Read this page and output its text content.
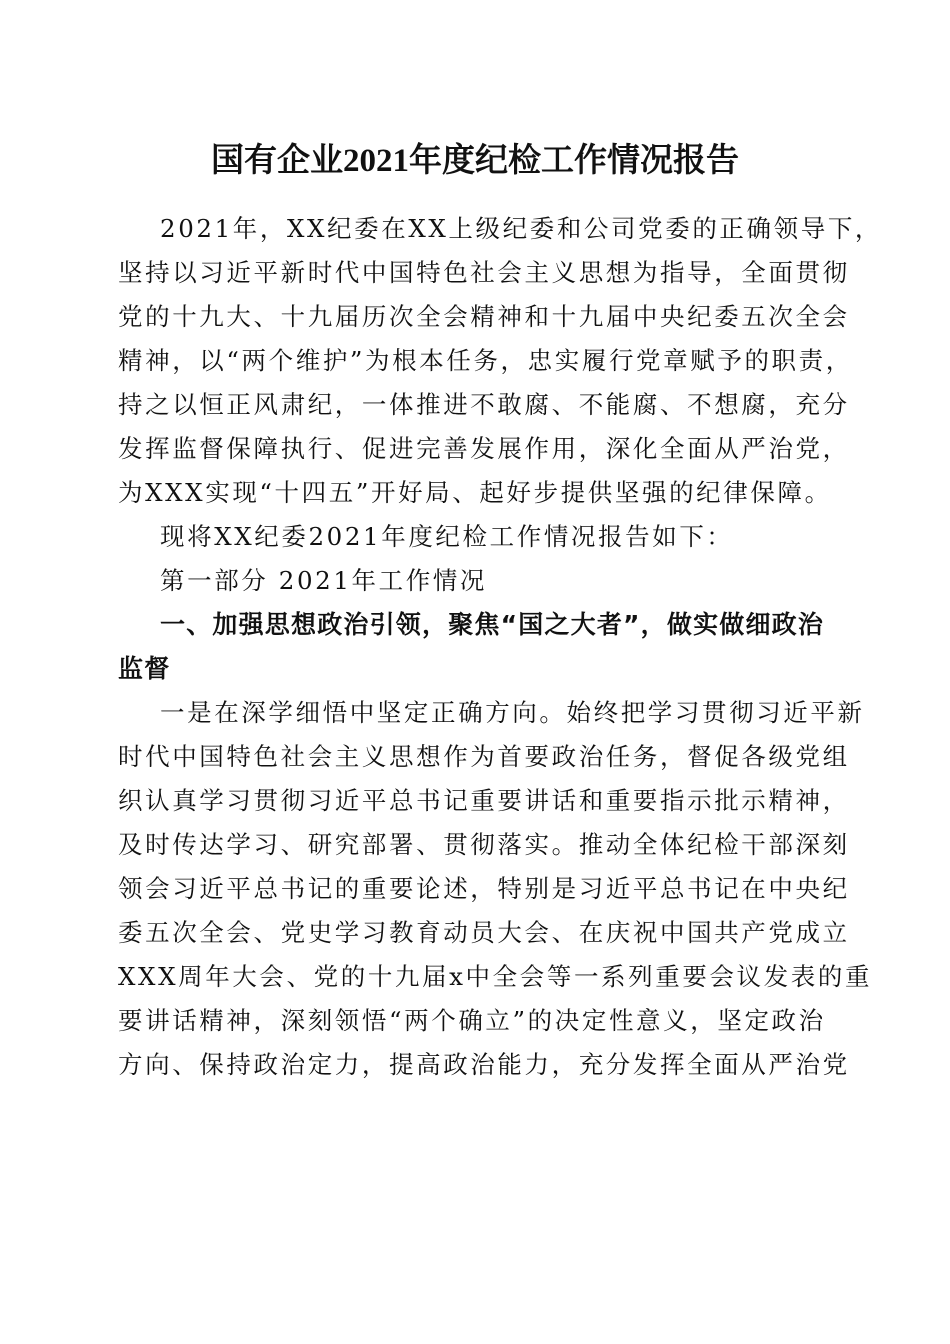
国有企业2021年度纪检工作情况报告
2021年，XX纪委在XX上级纪委和公司党委的正确领导下，
坚持以习近平新时代中国特色社会主义思想为指导，全面贯彻
党的十九大、十九届历次全会精神和十九届中央纪委五次全会
精神，以“两个维护”为根本任务，忠实履行党章赋予的职责，
持之以恒正风肃纪，一体推进不敢腐、不能腐、不想腐，充分
发挥监督保障执行、促进完善发展作用，深化全面从严治党，
为XXX实现“十四五”开好局、起好步提供坚强的纪律保障。
现将XX纪委2021年度纪检工作情况报告如下：
第一部分 2021年工作情况
一、加强思想政治引领，聚焦“国之大者”，做实做细政治
监督
一是在深学细悟中坚定正确方向。始终把学习贯彻习近平新
时代中国特色社会主义思想作为首要政治任务，督促各级党组
织认真学习贯彻习近平总书记重要讲话和重要指示批示精神，
及时传达学习、研究部署、贯彻落实。推动全体纪检干部深刻
领会习近平总书记的重要论述，特别是习近平总书记在中央纪
委五次全会、党史学习教育动员大会、在庆祝中国共产党成立
XXX周年大会、党的十九届x中全会等一系列重要会议发表的重
要讲话精神，深刻领悟“两个确立”的决定性意义，坚定政治
方向、保持政治定力，提高政治能力，充分发挥全面从严治党
